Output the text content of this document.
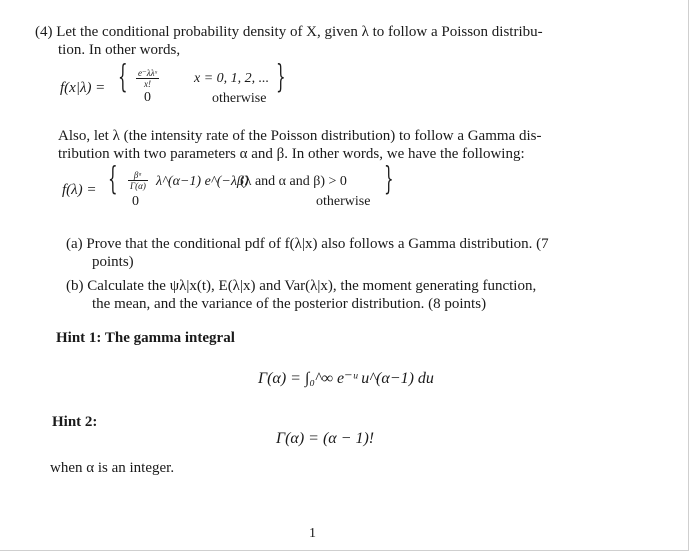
(4) Let the conditional probability density of X, given λ to follow a Poisson distribu-
tion. In other words,
f(x|λ) = { $\frac{\text{e⁻λλˣ}}{x!}$ x = 0, 1, 2, ...
0	otherwise
}
Also, let λ (the intensity rate of the Poisson distribution) to follow a Gamma dis-
tribution with two parameters α and β. In other words, we have the following:
f(λ) = { $\frac{\text{βᵅ}}{\Gamma(\alpha)}$ λ^(α−1) e^(−λβ)
(λ and α and β) > 0
0	otherwise
}
(a) Prove that the conditional pdf of f(λ|x) also follows a Gamma distribution. (7
points)
(b) Calculate the ψλ|x(t), E(λ|x) and Var(λ|x), the moment generating function,
the mean, and the variance of the posterior distribution. (8 points)
Hint 1: The gamma integral
Γ(α) = ∫₀^∞ e⁻ᵘ u^(α−1) du
Hint 2:
Γ(α) = (α − 1)!
when α is an integer.
1
